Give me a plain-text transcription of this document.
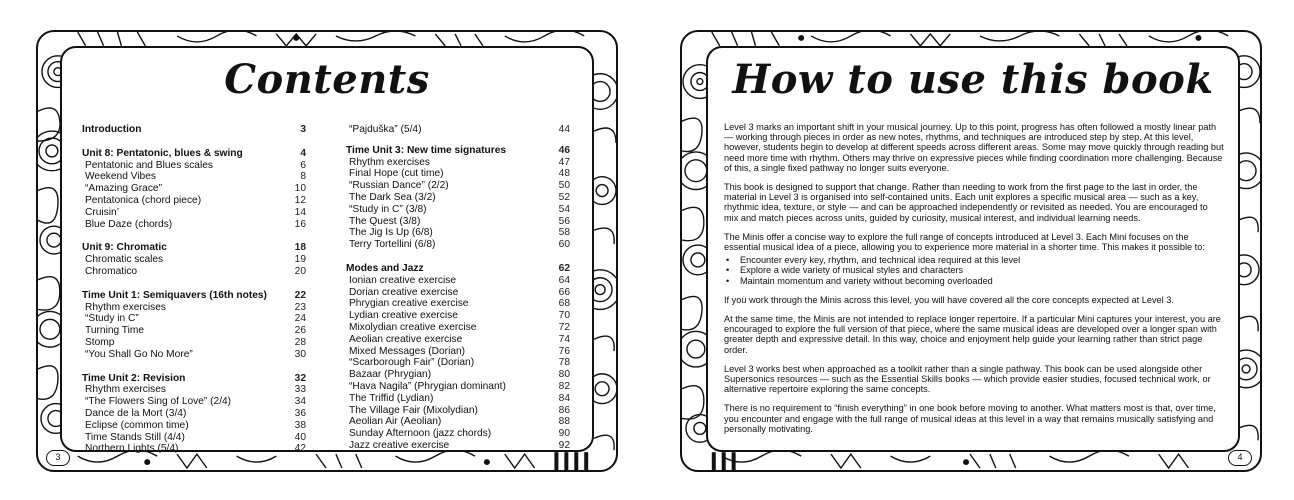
Contents
Introduction	3
Unit 8: Pentatonic, blues & swing	4
Pentatonic and Blues scales	6
Weekend Vibes	8
“Amazing Grace”	10
Pentatonica (chord piece)	12
Cruisin’	14
Blue Daze (chords)	16
Unit 9: Chromatic	18
Chromatic scales	19
Chromatico	20
Time Unit 1: Semiquavers (16th notes)	22
Rhythm exercises	23
“Study in C”	24
Turning Time	26
Stomp	28
“You Shall Go No More”	30
Time Unit 2: Revision	32
Rhythm exercises	33
“The Flowers Sing of Love” (2/4)	34
Dance de la Mort (3/4)	36
Eclipse (common time)	38
Time Stands Still (4/4)	40
Northern Lights (5/4)	42
“Pajduška” (5/4)	44
Time Unit 3: New time signatures	46
Rhythm exercises	47
Final Hope (cut time)	48
“Russian Dance” (2/2)	50
The Dark Sea (3/2)	52
“Study in C” (3/8)	54
The Quest (3/8)	56
The Jig Is Up (6/8)	58
Terry Tortellini (6/8)	60
Modes and Jazz	62
Ionian creative exercise	64
Dorian creative exercise	66
Phrygian creative exercise	68
Lydian creative exercise	70
Mixolydian creative exercise	72
Aeolian creative exercise	74
Mixed Messages (Dorian)	76
“Scarborough Fair” (Dorian)	78
Bazaar (Phrygian)	80
“Hava Nagila” (Phrygian dominant)	82
The Triffid (Lydian)	84
The Village Fair (Mixolydian)	86
Aeolian Air (Aeolian)	88
Sunday Afternoon (jazz chords)	90
Jazz creative exercise	92
3
How to use this book

Level 3 marks an important shift in your musical journey. Up to this point, progress has often followed a mostly linear path — working through pieces in order as new notes, rhythms, and techniques are introduced step by step. At this level, however, students begin to develop at different speeds across different areas. Some may move quickly through reading but need more time with rhythm. Others may thrive on expressive pieces while finding coordination more challenging. Because of this, a single fixed pathway no longer suits everyone.

This book is designed to support that change. Rather than needing to work from the first page to the last in order, the material in Level 3 is organised into self-contained units. Each unit explores a specific musical area — such as a key, rhythmic idea, texture, or style — and can be approached independently or revisited as needed. You are encouraged to mix and match pieces across units, guided by curiosity, musical interest, and individual learning needs.

The Minis offer a concise way to explore the full range of concepts introduced at Level 3. Each Mini focuses on the essential musical idea of a piece, allowing you to experience more material in a shorter time. This makes it possible to:

• Encounter every key, rhythm, and technical idea required at this level
• Explore a wide variety of musical styles and characters
• Maintain momentum and variety without becoming overloaded

If you work through the Minis across this level, you will have covered all the core concepts expected at Level 3.

At the same time, the Minis are not intended to replace longer repertoire. If a particular Mini captures your interest, you are encouraged to explore the full version of that piece, where the same musical ideas are developed over a longer span with greater depth and expressive detail. In this way, choice and enjoyment help guide your learning rather than strict page order.

Level 3 works best when approached as a toolkit rather than a single pathway. This book can be used alongside other Supersonics resources — such as the Essential Skills books — which provide easier studies, focused technical work, or alternative repertoire exploring the same concepts.

There is no requirement to “finish everything” in one book before moving to another. What matters most is that, over time, you encounter and engage with the full range of musical ideas at this level in a way that remains musically satisfying and personally motivating.

4
